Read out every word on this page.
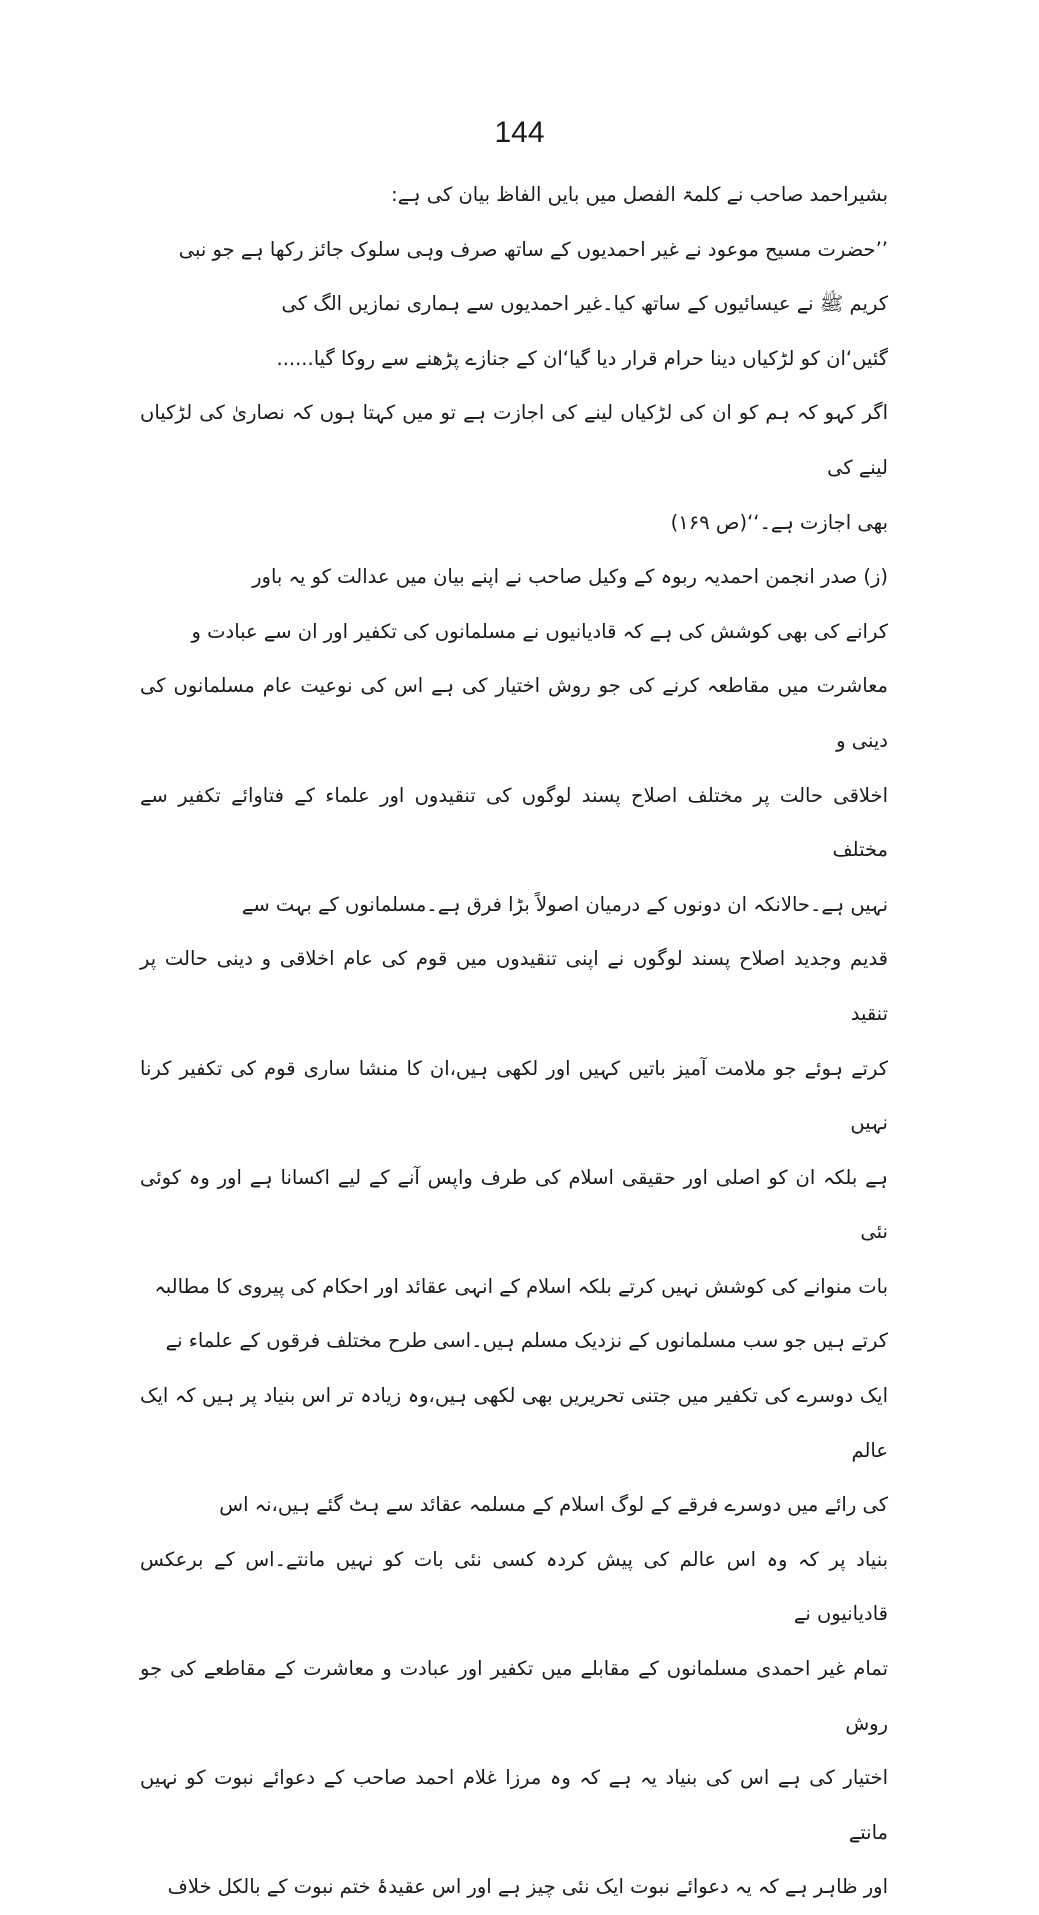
144

بشیراحمد صاحب نے کلمۃ الفصل میں بایں الفاظ بیان کی ہے:

’’حضرت مسیح موعود نے غیر احمدیوں کے ساتھ صرف وہی سلوک جائز رکھا ہے جو نبی

کریم ﷺ نے عیسائیوں کے ساتھ کیا۔غیر احمدیوں سے ہماری نمازیں الگ کی

گئیں‘ان کو لڑکیاں دینا حرام قرار دیا گیا‘ان کے جنازے پڑھنے سے روکا گیا......

اگر کہو کہ ہم کو ان کی لڑکیاں لینے کی اجازت ہے تو میں کہتا ہوں کہ نصاریٰ کی لڑکیاں لینے کی

بھی اجازت ہے۔‘‘(ص ۱۶۹)

(ز) صدر انجمن احمدیہ ربوہ کے وکیل صاحب نے اپنے بیان میں عدالت کو یہ باور

کرانے کی بھی کوشش کی ہے کہ قادیانیوں نے مسلمانوں کی تکفیر اور ان سے عبادت و

معاشرت میں مقاطعہ کرنے کی جو روش اختیار کی ہے اس کی نوعیت عام مسلمانوں کی دینی و

اخلاقی حالت پر مختلف اصلاح پسند لوگوں کی تنقیدوں اور علماء کے فتاوائے تکفیر سے مختلف

نہیں ہے۔حالانکہ ان دونوں کے درمیان اصولاً بڑا فرق ہے۔مسلمانوں کے بہت سے

قدیم وجدید اصلاح پسند لوگوں نے اپنی تنقیدوں میں قوم کی عام اخلاقی و دینی حالت پر تنقید

کرتے ہوئے جو ملامت آمیز باتیں کہیں اور لکھی ہیں،ان کا منشا ساری قوم کی تکفیر کرنا نہیں

ہے بلکہ ان کو اصلی اور حقیقی اسلام کی طرف واپس آنے کے لیے اکسانا ہے اور وہ کوئی نئی

بات منوانے کی کوشش نہیں کرتے بلکہ اسلام کے انہی عقائد اور احکام کی پیروی کا مطالبہ

کرتے ہیں جو سب مسلمانوں کے نزدیک مسلم ہیں۔اسی طرح مختلف فرقوں کے علماء نے

ایک دوسرے کی تکفیر میں جتنی تحریریں بھی لکھی ہیں،وہ زیادہ تر اس بنیاد پر ہیں کہ ایک عالم

کی رائے میں دوسرے فرقے کے لوگ اسلام کے مسلمہ عقائد سے ہٹ گئے ہیں،نہ اس

بنیاد پر کہ وہ اس عالم کی پیش کردہ کسی نئی بات کو نہیں مانتے۔اس کے برعکس قادیانیوں نے

تمام غیر احمدی مسلمانوں کے مقابلے میں تکفیر اور عبادت و معاشرت کے مقاطعے کی جو روش

اختیار کی ہے اس کی بنیاد یہ ہے کہ وہ مرزا غلام احمد صاحب کے دعوائے نبوت کو نہیں مانتے

اور ظاہر ہے کہ یہ دعوائے نبوت ایک نئی چیز ہے اور اس عقیدۂ ختم نبوت کے بالکل خلاف
